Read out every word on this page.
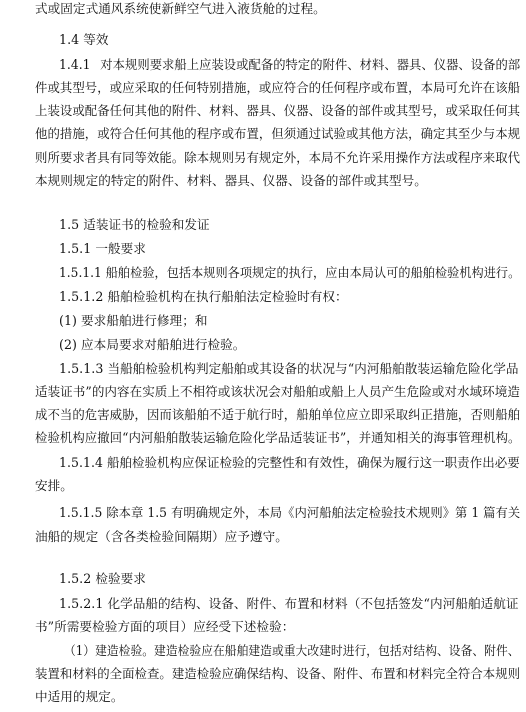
式或固定式通风系统使新鲜空气进入液货舱的过程。
1.4 等效
1.4.1 对本规则要求船上应装设或配备的特定的附件、材料、器具、仪器、设备的部
件或其型号，或应采取的任何特别措施，或应符合的任何程序或布置，本局可允许在该船
上装设或配备任何其他的附件、材料、器具、仪器、设备的部件或其型号，或采取任何其
他的措施，或符合任何其他的程序或布置，但须通过试验或其他方法，确定其至少与本规
则所要求者具有同等效能。除本规则另有规定外，本局不允许采用操作方法或程序来取代
本规则规定的特定的附件、材料、器具、仪器、设备的部件或其型号。
1.5 适装证书的检验和发证
1.5.1 一般要求
1.5.1.1 船舶检验，包括本规则各项规定的执行，应由本局认可的船舶检验机构进行。
1.5.1.2 船舶检验机构在执行船舶法定检验时有权：
(1) 要求船舶进行修理；和
(2) 应本局要求对船舶进行检验。
1.5.1.3 当船舶检验机构判定船舶或其设备的状况与“内河船舶散装运输危险化学品
适装证书”的内容在实质上不相符或该状况会对船舶或船上人员产生危险或对水域环境造
成不当的危害威胁，因而该船舶不适于航行时，船舶单位应立即采取纠正措施，否则船舶
检验机构应撤回“内河船舶散装运输危险化学品适装证书”，并通知相关的海事管理机构。
1.5.1.4 船舶检验机构应保证检验的完整性和有效性，确保为履行这一职责作出必要
安排。
1.5.1.5 除本章 1.5 有明确规定外，本局《内河船舶法定检验技术规则》第 1 篇有关
油船的规定（含各类检验间隔期）应予遵守。
1.5.2 检验要求
1.5.2.1 化学品船的结构、设备、附件、布置和材料（不包括签发“内河船舶适航证
书”所需要检验方面的项目）应经受下述检验：
（1）建造检验。建造检验应在船舶建造或重大改建时进行，包括对结构、设备、附件、
装置和材料的全面检查。建造检验应确保结构、设备、附件、布置和材料完全符合本规则
中适用的规定。
